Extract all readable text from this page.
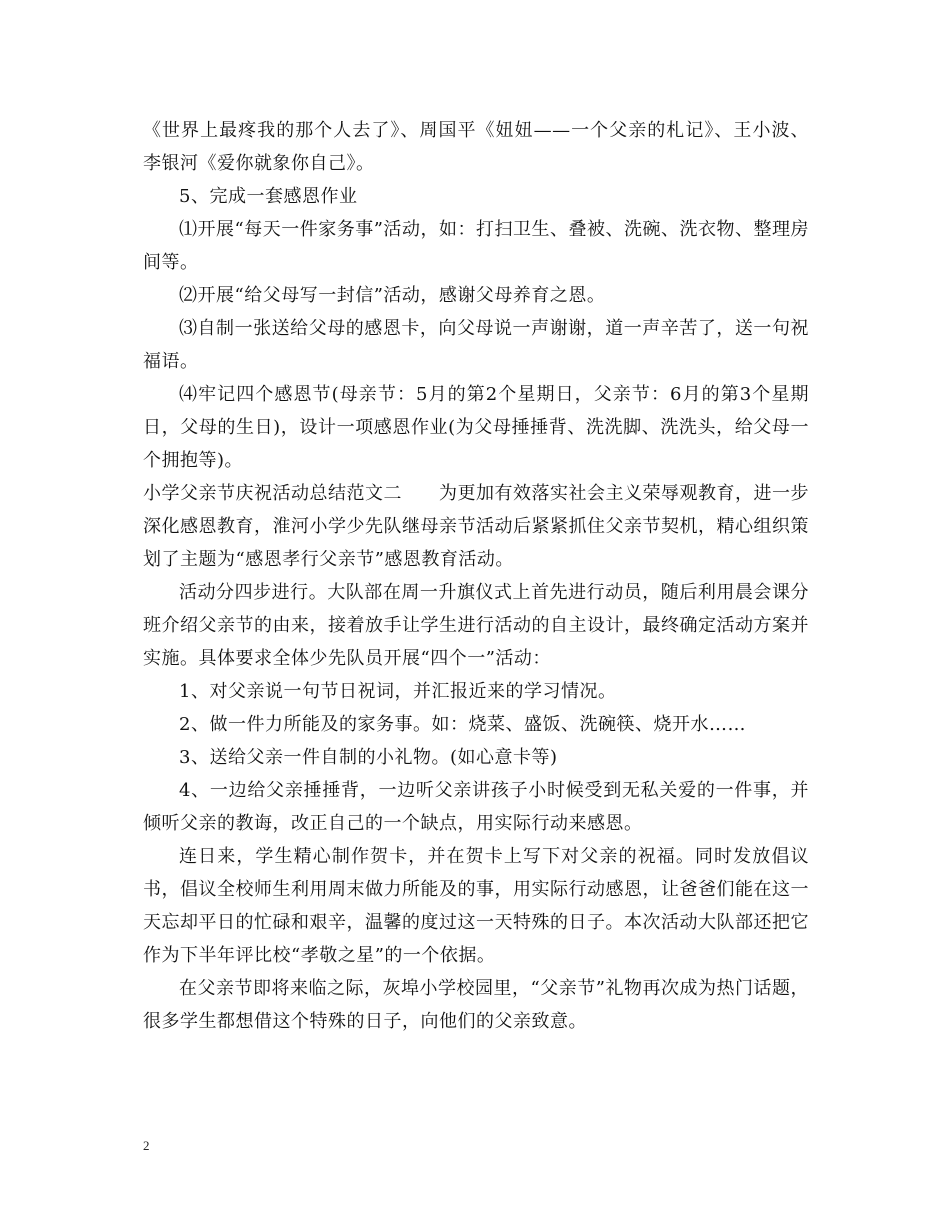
《世界上最疼我的那个人去了》、周国平《妞妞——一个父亲的札记》、王小波、李银河《爱你就象你自己》。

5、完成一套感恩作业

⑴开展“每天一件家务事”活动，如：打扫卫生、叠被、洗碗、洗衣物、整理房间等。

⑵开展“给父母写一封信”活动，感谢父母养育之恩。

⑶自制一张送给父母的感恩卡，向父母说一声谢谢，道一声辛苦了，送一句祝福语。

⑷牢记四个感恩节(母亲节：5月的第2个星期日，父亲节：6月的第3个星期日，父母的生日)，设计一项感恩作业(为父母捶捶背、洗洗脚、洗洗头，给父母一个拥抱等)。

小学父亲节庆祝活动总结范文二　　为更加有效落实社会主义荣辱观教育，进一步深化感恩教育，淮河小学少先队继母亲节活动后紧紧抓住父亲节契机，精心组织策划了主题为“感恩孝行父亲节”感恩教育活动。

活动分四步进行。大队部在周一升旗仪式上首先进行动员，随后利用晨会课分班介绍父亲节的由来，接着放手让学生进行活动的自主设计，最终确定活动方案并实施。具体要求全体少先队员开展“四个一”活动：

1、对父亲说一句节日祝词，并汇报近来的学习情况。

2、做一件力所能及的家务事。如：烧菜、盛饭、洗碗筷、烧开水……

3、送给父亲一件自制的小礼物。(如心意卡等)

4、一边给父亲捶捶背，一边听父亲讲孩子小时候受到无私关爱的一件事，并倾听父亲的教诲，改正自己的一个缺点，用实际行动来感恩。

连日来，学生精心制作贺卡，并在贺卡上写下对父亲的祝福。同时发放倡议书，倡议全校师生利用周末做力所能及的事，用实际行动感恩，让爸爸们能在这一天忘却平日的忙碌和艰辛，温馨的度过这一天特殊的日子。本次活动大队部还把它作为下半年评比校“孝敬之星”的一个依据。

在父亲节即将来临之际，灰埠小学校园里，“父亲节”礼物再次成为热门话题，很多学生都想借这个特殊的日子，向他们的父亲致意。

2
